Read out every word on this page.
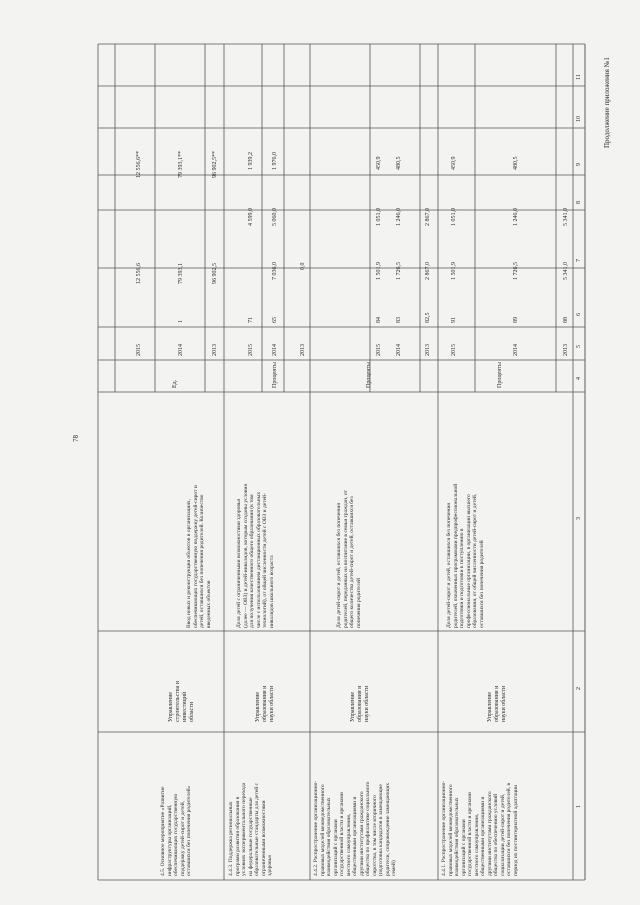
78
Продолжение приложения №1
1
2
3
4
5
6
7
8
9
10
11
4.4.1. Распространение организационно-
правовых моделей межведомственного
взаимодействия образовательных
организаций с органами
государственной власти и органами
местного самоуправления,
общественными организациями и
другими институтами гражданского
общества по обеспечению условий
социализации детей-сирот и детей,
оставшихся без попечения родителей, в
период их постинтернатной адаптации
Управление
образования и
науки области
Доля детей-сирот и детей, оставшихся без попечения
родителей, охваченных программами предпрофессиональной
подготовки и подготовки к поступлению в
профессиональные организации, в организации высшего
образования, от общей численности детей-сирот и детей,
оставшихся без попечения родителей
Проценты
2013
88
5 341,0
5 341,0
2014
89
1 726,5
1 246,0
480,5
2015
91
1 501,9
1 051,0
450,9
4.4.2. Распространение организационно-
правовых моделей межведомственного
взаимодействия образовательных
организаций с органами
государственной власти и органами
местного самоуправления,
общественными организациями и
другими институтами гражданского
общества по профилактике социального
сиротства, в том числе вторичного
(подготовка кандидатов в замещающие
родители, сопровождение замещающих
семей)
Управление
образования и
науки области
Доля детей-сирот и детей, оставшихся без попечения
родителей, переданных на воспитание в семьи граждан, от
общего количества детей-сирот и детей, оставшихся без
попечения родителей
Проценты
2013
82,5
2 867,0
2 867,0
2014
83
1 726,5
1 246,0
480,5
2015
84
1 501,9
1 051,0
450,9
4.4.3. Поддержка региональных
программ развития образования в
условиях экспериментального перехода
на федеральные государственные
образовательные стандарты для детей с
ограниченными возможностями
здоровья
Управление
образования и
науки области
Доля детей с ограниченными возможностями здоровья
(далее — ОВЗ) и детей-инвалидов, которым созданы условия
для получения качественного общего образования (в том
числе с использованием дистанционных образовательных
технологий), от общей численности детей с ОВЗ и детей-
инвалидов школьного возраста
Проценты
2013
0,0
2014
65
7 036,0
5 060,0
1 976,0
2015
71
4 599,0
1 939,2
4.5. Основное мероприятие «Развитие
инфраструктуры организаций,
обеспечивающих государственную
поддержку детей-сирот и детей,
оставшихся без попечения родителей»
Управление
строительства и
инвестиций
области
Ввод новых и реконструкция объектов в организациях,
обеспечивающих государственную поддержку детей-сирот и
детей, оставшихся без попечения родителей. Количество
введенных объектов
Ед.
2013
96 902,5
96 902,5**
2014
1
79 393,1
79 393,1**
2015
12 556,6
12 556,6**
